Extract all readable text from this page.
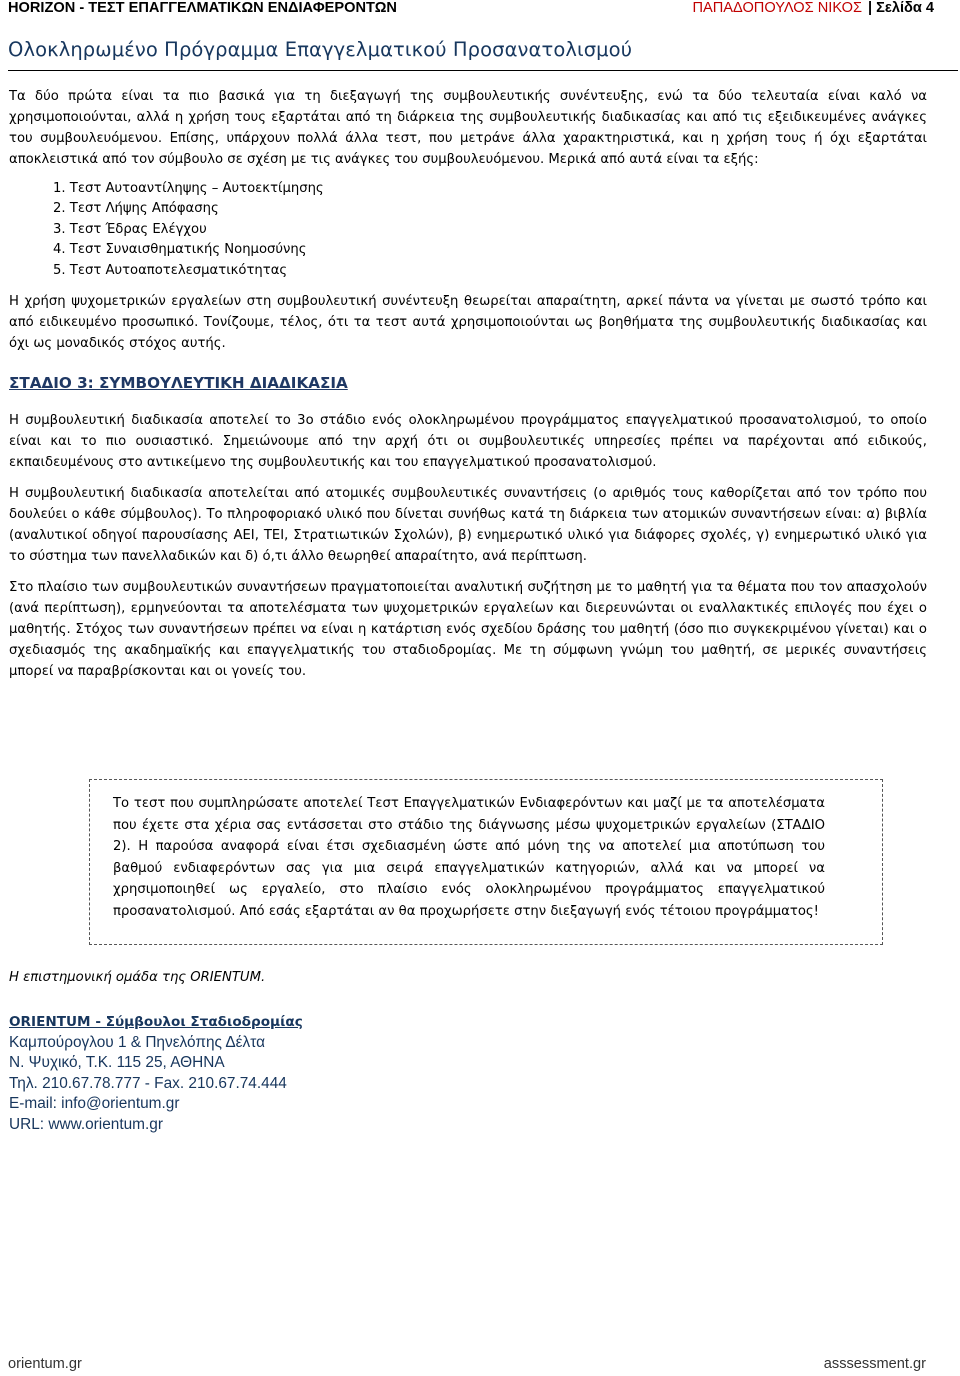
HORIZON - ΤΕΣΤ ΕΠΑΓΓΕΛΜΑΤΙΚΩΝ ΕΝΔΙΑΦΕΡΟΝΤΩΝ	ΠΑΠΑΔΟΠΟΥΛΟΣ ΝΙΚΟΣ | Σελίδα 4
Ολοκληρωμένο Πρόγραμμα Επαγγελματικού Προσανατολισμού

Τα δύο πρώτα είναι τα πιο βασικά για τη διεξαγωγή της συμβουλευτικής συνέντευξης, ενώ τα δύο τελευταία είναι καλό να χρησιμοποιούνται, αλλά η χρήση τους εξαρτάται από τη διάρκεια της συμβουλευτικής διαδικασίας και από τις εξειδικευμένες ανάγκες του συμβουλευόμενου. Επίσης, υπάρχουν πολλά άλλα τεστ, που μετράνε άλλα χαρακτηριστικά, και η χρήση τους ή όχι εξαρτάται αποκλειστικά από τον σύμβουλο σε σχέση με τις ανάγκες του συμβουλευόμενου. Μερικά από αυτά είναι τα εξής:

1. Τεστ Αυτοαντίληψης – Αυτοεκτίμησης
2. Τεστ Λήψης Απόφασης
3. Τεστ Έδρας Ελέγχου
4. Τεστ Συναισθηματικής Νοημοσύνης
5. Τεστ Αυτοαποτελεσματικότητας

Η χρήση ψυχομετρικών εργαλείων στη συμβουλευτική συνέντευξη θεωρείται απαραίτητη, αρκεί πάντα να γίνεται με σωστό τρόπο και από ειδικευμένο προσωπικό. Τονίζουμε, τέλος, ότι τα τεστ αυτά χρησιμοποιούνται ως βοηθήματα της συμβουλευτικής διαδικασίας και όχι ως μοναδικός στόχος αυτής.

ΣΤΑΔΙΟ 3: ΣΥΜΒΟΥΛΕΥΤΙΚΗ ΔΙΑΔΙΚΑΣΙΑ

Η συμβουλευτική διαδικασία αποτελεί το 3ο στάδιο ενός ολοκληρωμένου προγράμματος επαγγελματικού προσανατολισμού, το οποίο είναι και το πιο ουσιαστικό. Σημειώνουμε από την αρχή ότι οι συμβουλευτικές υπηρεσίες πρέπει να παρέχονται από ειδικούς, εκπαιδευμένους στο αντικείμενο της συμβουλευτικής και του επαγγελματικού προσανατολισμού.

Η συμβουλευτική διαδικασία αποτελείται από ατομικές συμβουλευτικές συναντήσεις (ο αριθμός τους καθορίζεται από τον τρόπο που δουλεύει ο κάθε σύμβουλος). Το πληροφοριακό υλικό που δίνεται συνήθως κατά τη διάρκεια των ατομικών συναντήσεων είναι: α) βιβλία (αναλυτικοί οδηγοί παρουσίασης ΑΕΙ, ΤΕΙ, Στρατιωτικών Σχολών), β) ενημερωτικό υλικό για διάφορες σχολές, γ) ενημερωτικό υλικό για το σύστημα των πανελλαδικών και δ) ό,τι άλλο θεωρηθεί απαραίτητο, ανά περίπτωση.

Στο πλαίσιο των συμβουλευτικών συναντήσεων πραγματοποιείται αναλυτική συζήτηση με το μαθητή για τα θέματα που τον απασχολούν (ανά περίπτωση), ερμηνεύονται τα αποτελέσματα των ψυχομετρικών εργαλείων και διερευνώνται οι εναλλακτικές επιλογές που έχει ο μαθητής. Στόχος των συναντήσεων πρέπει να είναι η κατάρτιση ενός σχεδίου δράσης του μαθητή (όσο πιο συγκεκριμένου γίνεται) και ο σχεδιασμός της ακαδημαϊκής και επαγγελματικής του σταδιοδρομίας. Με τη σύμφωνη γνώμη του μαθητή, σε μερικές συναντήσεις μπορεί να παραβρίσκονται και οι γονείς του.

Το τεστ που συμπληρώσατε αποτελεί Τεστ Επαγγελματικών Ενδιαφερόντων και μαζί με τα αποτελέσματα που έχετε στα χέρια σας εντάσσεται στο στάδιο της διάγνωσης μέσω ψυχομετρικών εργαλείων (ΣΤΑΔΙΟ 2). Η παρούσα αναφορά είναι έτσι σχεδιασμένη ώστε από μόνη της να αποτελεί μια αποτύπωση του βαθμού ενδιαφερόντων σας για μια σειρά επαγγελματικών κατηγοριών, αλλά και να μπορεί να χρησιμοποιηθεί ως εργαλείο, στο πλαίσιο ενός ολοκληρωμένου προγράμματος επαγγελματικού προσανατολισμού. Από εσάς εξαρτάται αν θα προχωρήσετε στην διεξαγωγή ενός τέτοιου προγράμματος!
Η επιστημονική ομάδα της ORIENTUM.
ORIENTUM - Σύμβουλοι Σταδιοδρομίας
Καμπούρογλου 1 & Πηνελόπης Δέλτα
Ν. Ψυχικό, Τ.Κ. 115 25, ΑΘΗΝΑ
Τηλ. 210.67.78.777 - Fax. 210.67.74.444
E-mail: info@orientum.gr
URL: www.orientum.gr
orientum.gr	asssessment.gr
